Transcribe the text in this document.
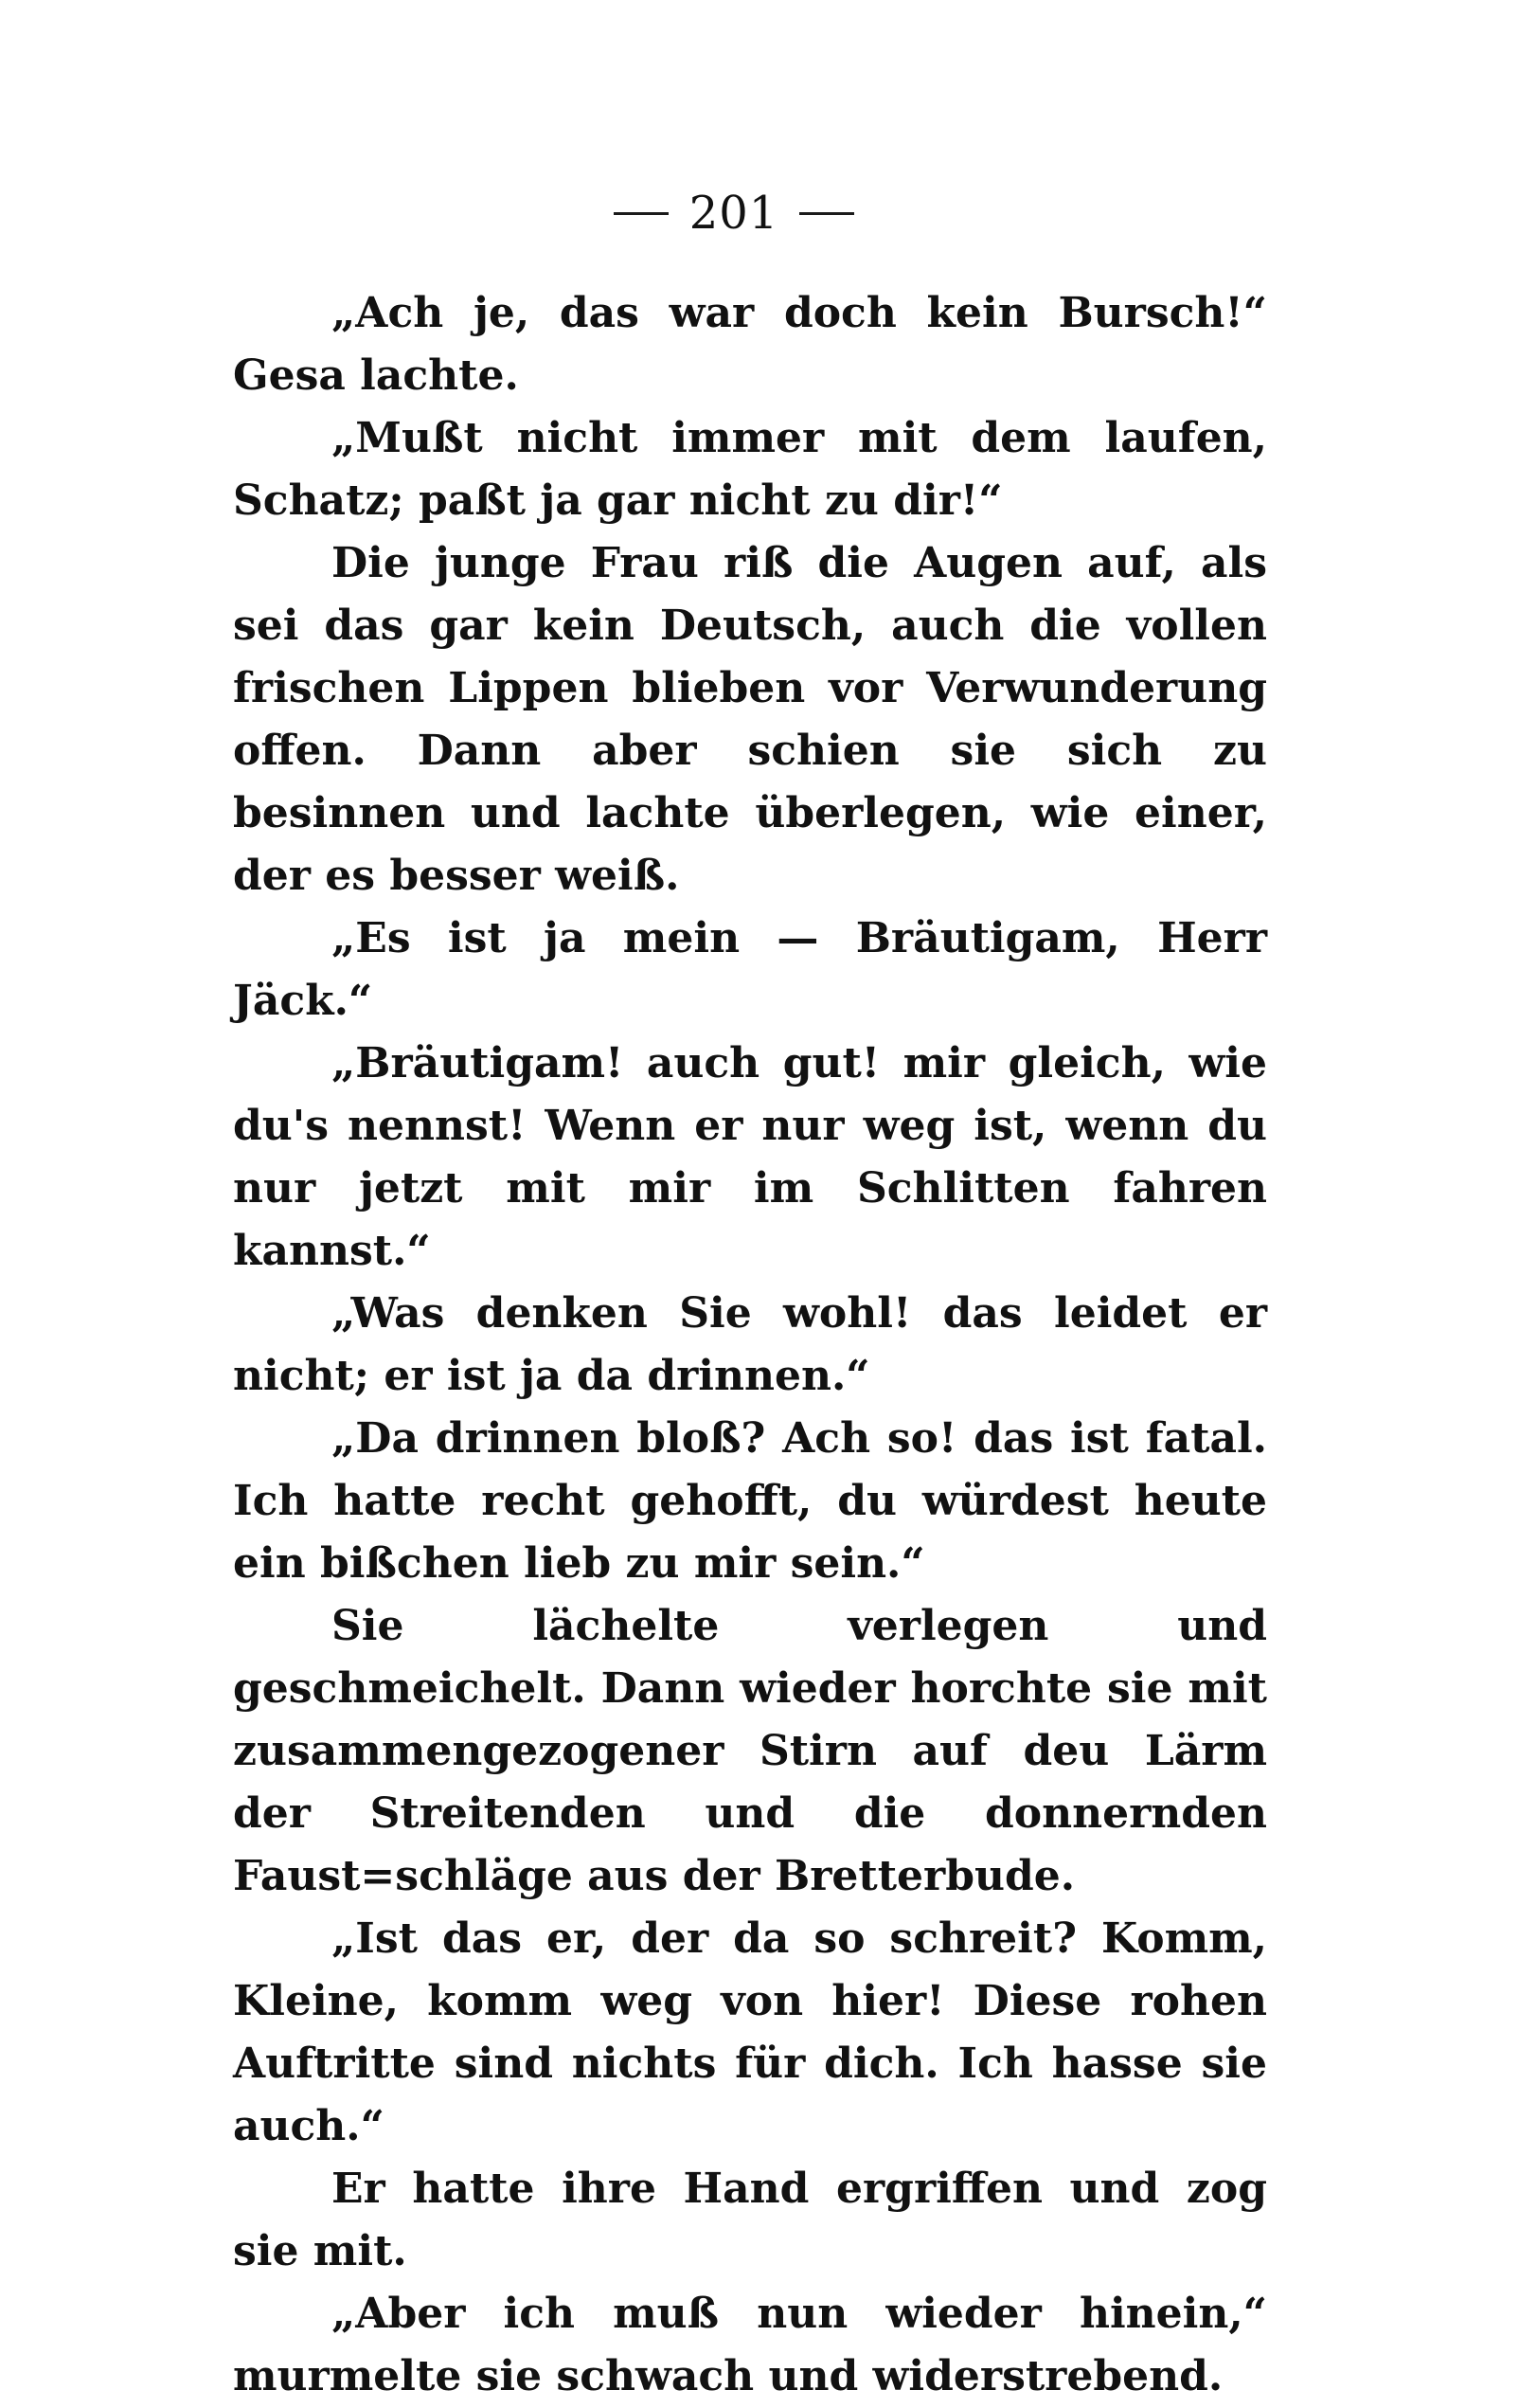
201

„Ach je, das war doch kein Bursch!“ Gesa lachte.

„Mußt nicht immer mit dem laufen, Schatz; paßt ja gar nicht zu dir!“

Die junge Frau riß die Augen auf, als sei das gar kein Deutsch, auch die vollen frischen Lippen blieben vor Verwunderung offen. Dann aber schien sie sich zu besinnen und lachte überlegen, wie einer, der es besser weiß.

„Es ist ja mein — Bräutigam, Herr Jäck.“

„Bräutigam! auch gut! mir gleich, wie du's nennst! Wenn er nur weg ist, wenn du nur jetzt mit mir im Schlitten fahren kannst.“

„Was denken Sie wohl! das leidet er nicht; er ist ja da drinnen.“

„Da drinnen bloß? Ach so! das ist fatal. Ich hatte recht gehofft, du würdest heute ein bißchen lieb zu mir sein.“

Sie lächelte verlegen und geschmeichelt. Dann wieder horchte sie mit zusammengezogener Stirn auf deu Lärm der Streitenden und die donnernden Faust=schläge aus der Bretterbude.

„Ist das er, der da so schreit? Komm, Kleine, komm weg von hier! Diese rohen Auftritte sind nichts für dich. Ich hasse sie auch.“

Er hatte ihre Hand ergriffen und zog sie mit.

„Aber ich muß nun wieder hinein,“ murmelte sie schwach und widerstrebend.
